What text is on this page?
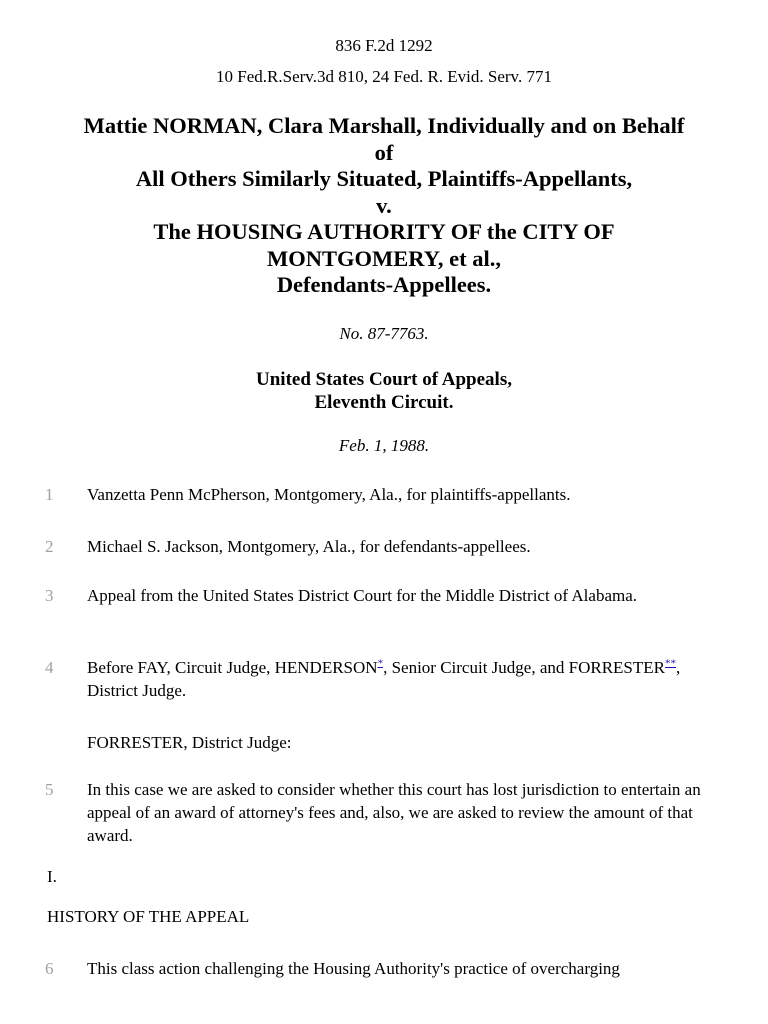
836 F.2d 1292
10 Fed.R.Serv.3d 810, 24 Fed. R. Evid. Serv. 771
Mattie NORMAN, Clara Marshall, Individually and on Behalf
of
All Others Similarly Situated, Plaintiffs-Appellants,
v.
The HOUSING AUTHORITY OF the CITY OF
MONTGOMERY, et al.,
Defendants-Appellees.
No. 87-7763.
United States Court of Appeals,
Eleventh Circuit.
Feb. 1, 1988.
1	Vanzetta Penn McPherson, Montgomery, Ala., for plaintiffs-appellants.
2	Michael S. Jackson, Montgomery, Ala., for defendants-appellees.
3	Appeal from the United States District Court for the Middle District of Alabama.
4	Before FAY, Circuit Judge, HENDERSON*, Senior Circuit Judge, and FORRESTER**, District Judge.
FORRESTER, District Judge:
5	In this case we are asked to consider whether this court has lost jurisdiction to entertain an appeal of an award of attorney's fees and, also, we are asked to review the amount of that award.
I.
HISTORY OF THE APPEAL
6	This class action challenging the Housing Authority's practice of overcharging
